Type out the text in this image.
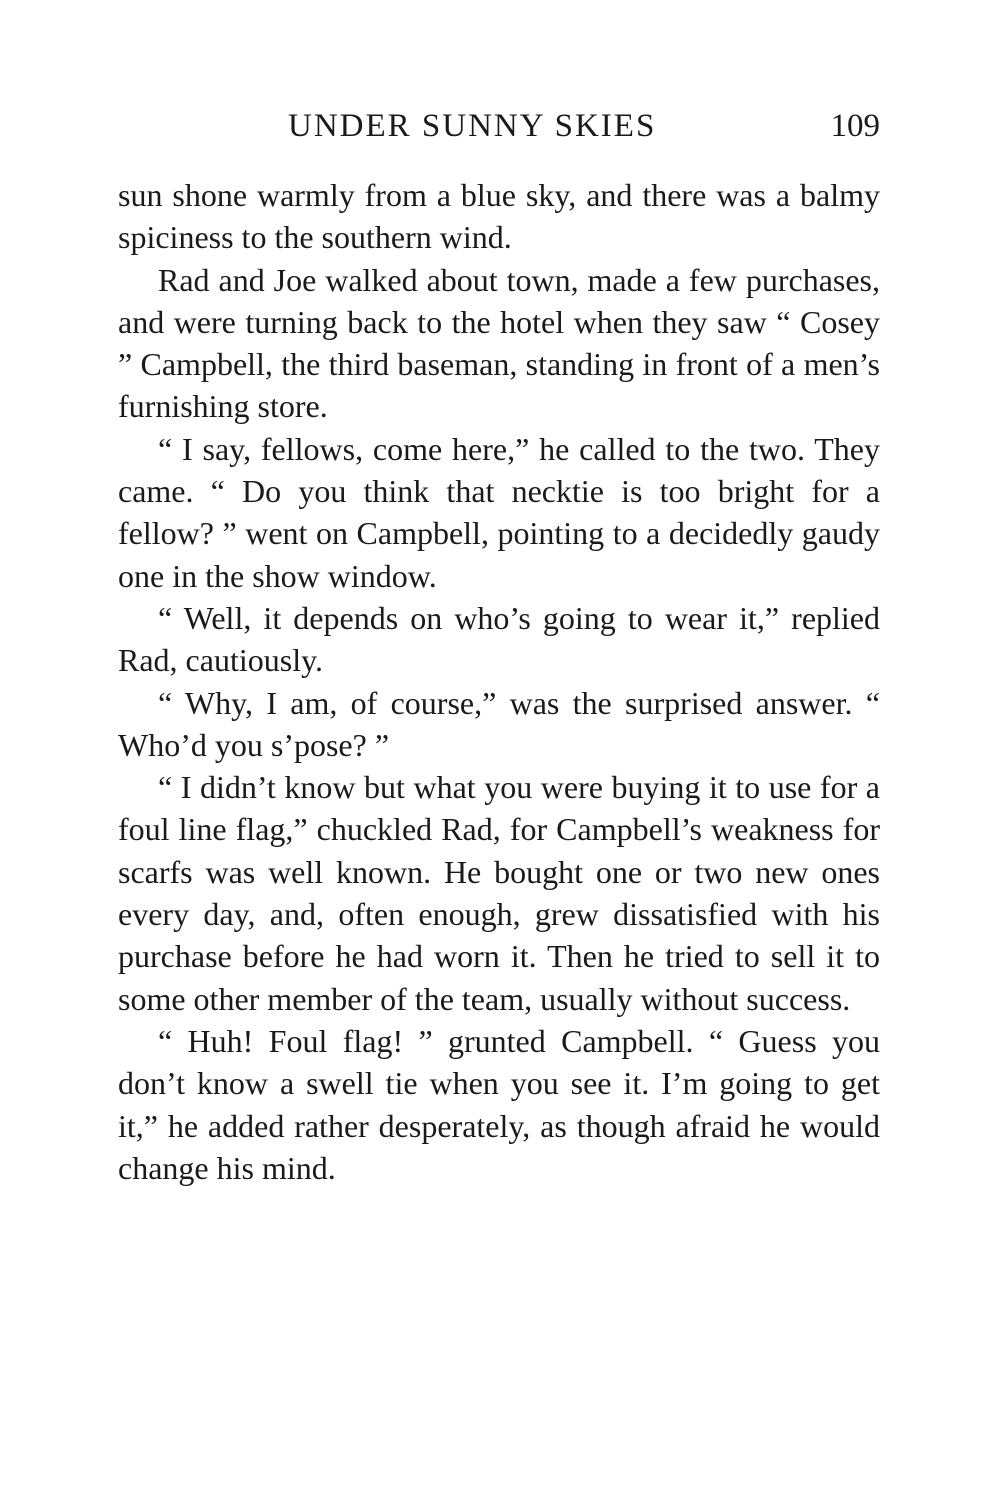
UNDER SUNNY SKIES	109

sun shone warmly from a blue sky, and there was a balmy spiciness to the southern wind.

Rad and Joe walked about town, made a few purchases, and were turning back to the hotel when they saw “ Cosey ” Campbell, the third baseman, standing in front of a men’s furnishing store.

“ I say, fellows, come here,” he called to the two. They came. “ Do you think that necktie is too bright for a fellow? ” went on Campbell, pointing to a decidedly gaudy one in the show window.

“ Well, it depends on who’s going to wear it,” replied Rad, cautiously.

“ Why, I am, of course,” was the surprised answer. “ Who’d you s’pose? ”

“ I didn’t know but what you were buying it to use for a foul line flag,” chuckled Rad, for Campbell’s weakness for scarfs was well known. He bought one or two new ones every day, and, often enough, grew dissatisfied with his purchase before he had worn it. Then he tried to sell it to some other member of the team, usually without success.

“ Huh! Foul flag! ” grunted Campbell. “ Guess you don’t know a swell tie when you see it. I’m going to get it,” he added rather desperately, as though afraid he would change his mind.
